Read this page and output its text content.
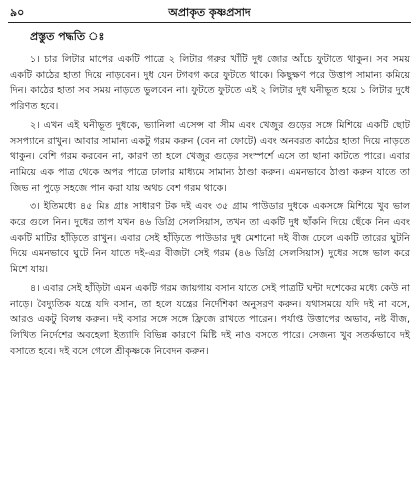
৯০	অপ্রাকৃত কৃষ্ণপ্রসাদ
প্রস্তুত পদ্ধতি ঃ

১। চার লিটার মাপের একটি পাত্রে ২ লিটার গরুর খাঁটি দুধ জোর আঁচে ফুটাতে থাকুন। সব সময় একটি কাঠের হাতা দিয়ে নাড়বেন। দুধ যেন টগবগ করে ফুটতে থাকে। কিছুক্ষণ পরে উত্তাপ সামান্য কমিয়ে দিন। কাঠের হাতা সব সময় নাড়তে ভুলবেন না। ফুটতে ফুটতে এই ২ লিটার দুধ ঘনীভূত হয়ে ১ লিটার দুধে পরিণত হবে।

২। এখন এই ঘনীভূত দুধকে, ভ্যানিলা এসেন্স বা সীম এবং খেজুর গুড়ের সঙ্গে মিশিয়ে একটি ছোট সসপ্যানে রাখুন। আবার সামান্য একটু গরম করুন (বেন না ফোটে) এবং অনবরত কাঠের হাতা দিয়ে নাড়তে থাকুন। বেশি গরম করবেন না, কারণ তা হলে খেজুর গুড়ের সংস্পর্শে এসে তা ছানা কাটতে পারে। এবার নামিয়ে এক পাত্র থেকে অপর পাত্রে ঢালার মাধ্যমে সামান্য ঠাণ্ডা করুন। এমনভাবে ঠাণ্ডা করুন যাতে তা জিভ না পুড়ে সহজে পান করা যায় অথচ বেশ গরম থাকে।

৩। ইতিমধ্যে ৪৫ মিঃ গ্রাঃ সাধারণ টক দই এবং ৩৫ গ্রাম পাউডার দুধকে একসঙ্গে মিশিয়ে খুব ভাল করে গুলে নিন। দুধের তাপ যখন ৪৬ ডিগ্রি সেলসিয়াস, তখন তা একটি দুধ ছাঁকনি দিয়ে ছেঁকে নিন এবং একটি মাটির হাঁড়িতে রাখুন। এবার সেই হাঁড়িতে পাউডার দুধ মেশানো দই বীজ ঢেলে একটি তারের ঘুটনি দিয়ে এমনভাবে ঘুটে নিন যাতে দই-এর বীজটা সেই গরম (৪৬ ডিগ্রি সেলসিয়াস) দুধের সঙ্গে ভাল করে মিশে যায়।

৪। এবার সেই হাঁড়িটা এমন একটি গরম জায়গায় বসান যাতে সেই পাত্রটি ঘন্টা দশেকের মধ্যে কেউ না নাড়ে। বৈদ্যুতিক যন্ত্রে যদি বসান, তা হলে যন্ত্রের নির্দেশিকা অনুসরণ করুন। যথাসময়ে যদি দই না বসে, আরও একটু বিলম্ব করুন। দই বসার সঙ্গে সঙ্গে ফ্রিজে রাখতে পারেন। পর্যাপ্ত উত্তাপের অভাব, নষ্ট বীজ, লিখিত নির্দেশের অবহেলা ইত্যাদি বিভিন্ন কারণে মিষ্টি দই নাও বসতে পারে। সেজন্য খুব সতর্কভাবে দই বসাতে হবে। দই বসে গেলে শ্রীকৃষ্ণকে নিবেদন করুন।
